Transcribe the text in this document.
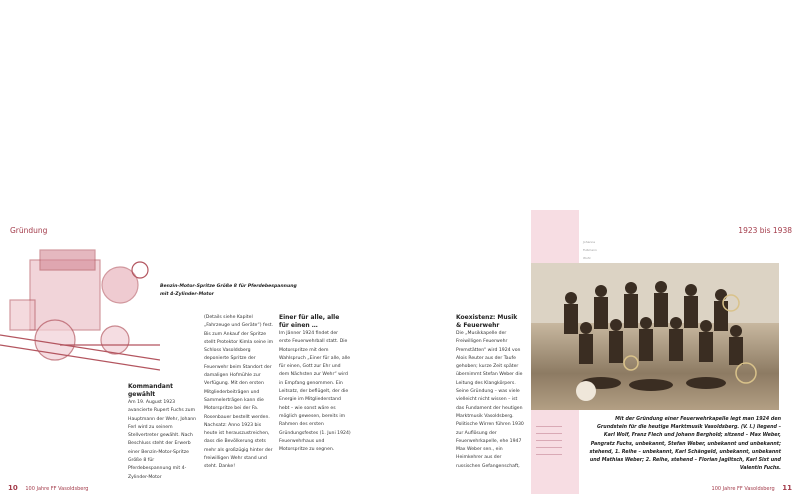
Gründung	1923 bis 1938
Johanne
Fußmann
Wuhl
Benzin-Motor-Spritze Größe 8 für Pferdebespannung mit 4-Zylinder-Motor
Kommandant gewählt

Am 19. August 1923 avancierte Rupert Fuchs zum Hauptmann der Wehr, Johann Ferl wird zu seinem Stellvertreter gewählt. Nach Beschluss steht der Erwerb einer Benzin-Motor-Spritze Größe 8 für Pferdebespannung mit 4-Zylinder-Motor

(Details siehe Kapitel „Fahrzeuge und Geräte“) fest. Bis zum Ankauf der Spritze stellt Protektor Kimla seine im Schloss Vasoldsberg deponierte Spritze der Feuerwehr beim Standort der damaligen Hofmühle zur Verfügung. Mit den ersten Mitgliederbeiträgen und Sammelerträgen kann die Motorspritze bei der Fa. Rosenbauer bestellt werden. Nachsatz: Anno 1923 bis heute ist herauszustreichen, dass die Bevölkerung stets mehr als großzügig hinter der freiwilligen Wehr stand und steht. Danke!

Einer für alle, alle für einen …

Im Jänner 1924 findet der erste Feuerwehrball statt. Die Motorspritze mit dem Wahlspruch „Einer für alle, alle für einen, Gott zur Ehr und dem Nächsten zur Wehr“ wird in Empfang genommen. Ein Leitsatz, der beflügelt, der die Energie im Mitgliederstand hebt – wie sonst wäre es möglich gewesen, bereits im Rahmen des ersten Gründungsfestes (1. Juni 1924) Feuerwehrhaus und Motorspritze zu segnen.

Koexistenz: Musik & Feuerwehr

Die „Musikkapelle der Freiwilligen Feuerwehr Premstätten“ wird 1924 von Alois Reuter aus der Taufe gehoben; kurze Zeit später übernimmt Stefan Weber die Leitung des Klangkörpers. Seine Gründung – was viele vielleicht nicht wissen – ist das Fundament der heutigen Marktmusik Vasoldsberg. Politische Wirren führen 1930 zur Auflösung der Feuerwehrkapelle, ehe 1947 Max Weber sen., ein Heimkehrer aus der russischen Gefangenschaft,

Mit der Gründung einer Feuerwehrkapelle legt man 1924 den Grundstein für die heutige Marktmusik Vasoldsberg. (V. l.) liegend – Karl Wolf, Franz Flech und Johann Berghold; sitzend – Max Weber, Pangratz Fuchs, unbekannt, Stefan Weber, unbekannt und unbekannt; stehend, 1. Reihe – unbekannt, Karl Schängeld, unbekannt, unbekannt und Mathias Weber; 2. Reihe, stehend – Florian Jaglitsch, Karl Sixt und Valentin Fuchs.
10 100 Jahre FF Vasoldsberg	100 Jahre FF Vasoldsberg 11
